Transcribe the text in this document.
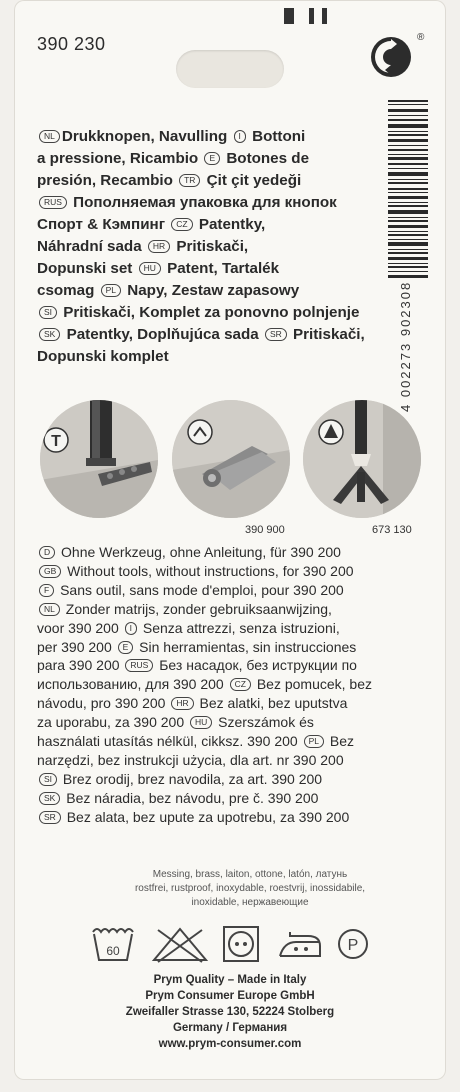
390 230	®
4 002273 902308

NL Drukknopen, Navulling I Bottoni

a pressione, Ricambio E Botones de

presión, Recambio TR Çit çit yedeği

RUS Пополняемая упаковка для кнопок

Спорт & Кэмпинг CZ Patentky,

Náhradní sada HR Pritiskači,

Dopunski set HU Patent, Tartalék

csomag PL Napy, Zestaw zapasowy

SI Pritiskači, Komplet za ponovno polnjenje

SK Patentky, Doplňujúca sada SR Pritiskači,

Dopunski komplet

T
390 900	673 130

D Ohne Werkzeug, ohne Anleitung, für 390 200

GB Without tools, without instructions, for 390 200

F Sans outil, sans mode d'emploi, pour 390 200

NL Zonder matrijs, zonder gebruiksaanwijzing,

voor 390 200 I Senza attrezzi, senza istruzioni,

per 390 200 E Sin herramientas, sin instrucciones

para 390 200 RUS Без насадок, без иструкции по

использованию, для 390 200 CZ Bez pomucek, bez

návodu, pro 390 200 HR Bez alatki, bez uputstva

za uporabu, za 390 200 HU Szerszámok és

használati utasítás nélkül, cikksz. 390 200 PL Bez

narzędzi, bez instrukcji użycia, dla art. nr 390 200

SI Brez orodij, brez navodila, za art. 390 200

SK Bez náradia, bez návodu, pre č. 390 200

SR Bez alata, bez upute za upotrebu, za 390 200

Messing, brass, laiton, ottone, latón, латунь

rostfrei, rustproof, inoxydable, roestvrij, inossidabile,

inoxidable, нержавеющие

60	P

Prym Quality – Made in Italy

Prym Consumer Europe GmbH

Zweifaller Strasse 130, 52224 Stolberg

Germany / Германия

www.prym-consumer.com
